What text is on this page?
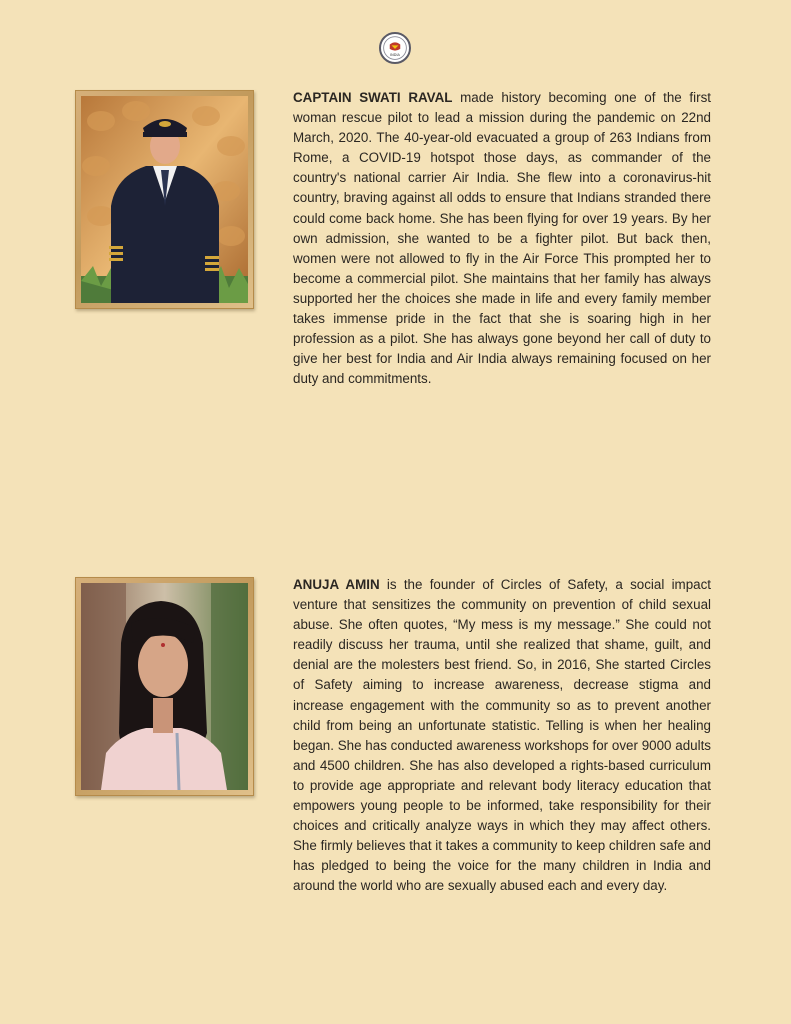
INDIA

CAPTAIN SWATI RAVAL made history becoming one of the first woman rescue pilot to lead a mission during the pandemic on 22nd March, 2020. The 40-year-old evacuated a group of 263 Indians from Rome, a COVID-19 hotspot those days, as commander of the country's national carrier Air India. She flew into a coronavirus-hit country, braving against all odds to ensure that Indians stranded there could come back home. She has been flying for over 19 years. By her own admission, she wanted to be a fighter pilot. But back then, women were not allowed to fly in the Air Force This prompted her to become a commercial pilot. She maintains that her family has always supported her the choices she made in life and every family member takes immense pride in the fact that she is soaring high in her profession as a pilot. She has always gone beyond her call of duty to give her best for India and Air India always remaining focused on her duty and commitments.

ANUJA AMIN is the founder of Circles of Safety, a social impact venture that sensitizes the community on prevention of child sexual abuse. She often quotes, “My mess is my message.” She could not readily discuss her trauma, until she realized that shame, guilt, and denial are the molesters best friend. So, in 2016, She started Circles of Safety aiming to increase awareness, decrease stigma and increase engagement with the community so as to prevent another child from being an unfortunate statistic. Telling is when her healing began. She has conducted awareness workshops for over 9000 adults and 4500 children. She has also developed a rights-based curriculum to provide age appropriate and relevant body literacy education that empowers young people to be informed, take responsibility for their choices and critically analyze ways in which they may affect others. She firmly believes that it takes a community to keep children safe and has pledged to being the voice for the many children in India and around the world who are sexually abused each and every day.
